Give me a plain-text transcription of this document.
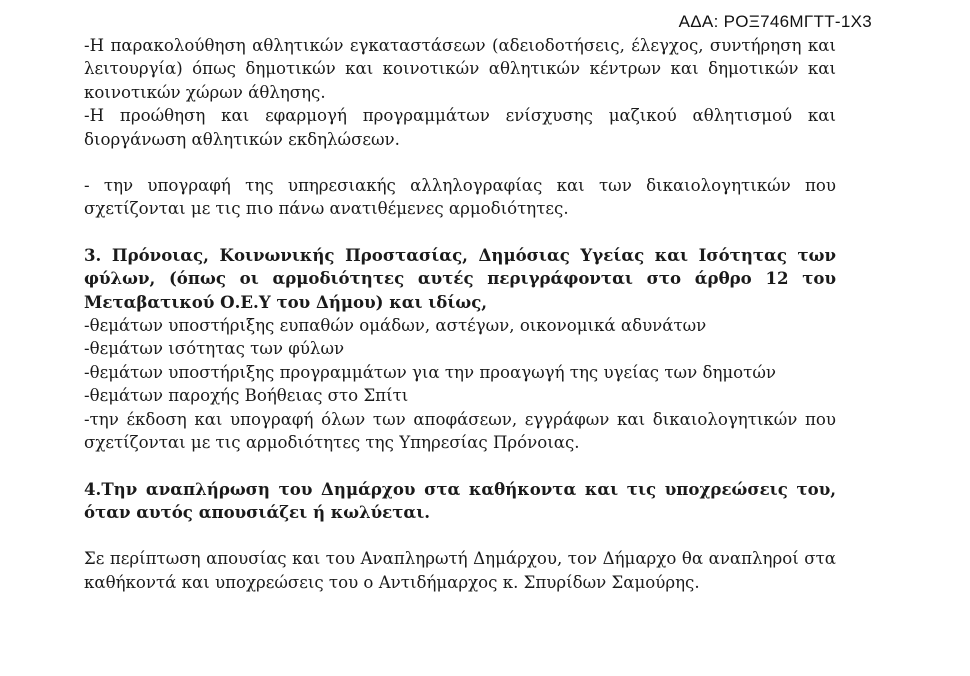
ΑΔΑ: ΡΟΞ746ΜΓΤΤ-1Χ3

-Η παρακολούθηση αθλητικών εγκαταστάσεων (αδειοδοτήσεις, έλεγχος, συντήρηση και λειτουργία) όπως δημοτικών και κοινοτικών αθλητικών κέντρων και δημοτικών και κοινοτικών χώρων άθλησης.

-Η προώθηση και εφαρμογή προγραμμάτων ενίσχυσης μαζικού αθλητισμού και διοργάνωση αθλητικών εκδηλώσεων.

- την υπογραφή της υπηρεσιακής αλληλογραφίας και των δικαιολογητικών που σχετίζονται με τις πιο πάνω ανατιθέμενες αρμοδιότητες.

3. Πρόνοιας, Κοινωνικής Προστασίας, Δημόσιας Υγείας και Ισότητας των φύλων, (όπως οι αρμοδιότητες αυτές περιγράφονται στο άρθρο 12 του Μεταβατικού Ο.Ε.Υ του Δήμου) και ιδίως,

-θεμάτων υποστήριξης ευπαθών ομάδων, αστέγων, οικονομικά αδυνάτων

-θεμάτων ισότητας των φύλων

-θεμάτων υποστήριξης προγραμμάτων για την προαγωγή της υγείας των δημοτών

-θεμάτων παροχής Βοήθειας στο Σπίτι

-την έκδοση και υπογραφή όλων των αποφάσεων, εγγράφων και δικαιολογητικών που σχετίζονται με τις αρμοδιότητες της Υπηρεσίας Πρόνοιας.

4.Την αναπλήρωση του Δημάρχου στα καθήκοντα και τις υποχρεώσεις του, όταν αυτός απουσιάζει ή κωλύεται.

Σε περίπτωση απουσίας και του Αναπληρωτή Δημάρχου, τον Δήμαρχο θα αναπληροί στα καθήκοντά και υποχρεώσεις του ο Αντιδήμαρχος κ. Σπυρίδων Σαμούρης.
